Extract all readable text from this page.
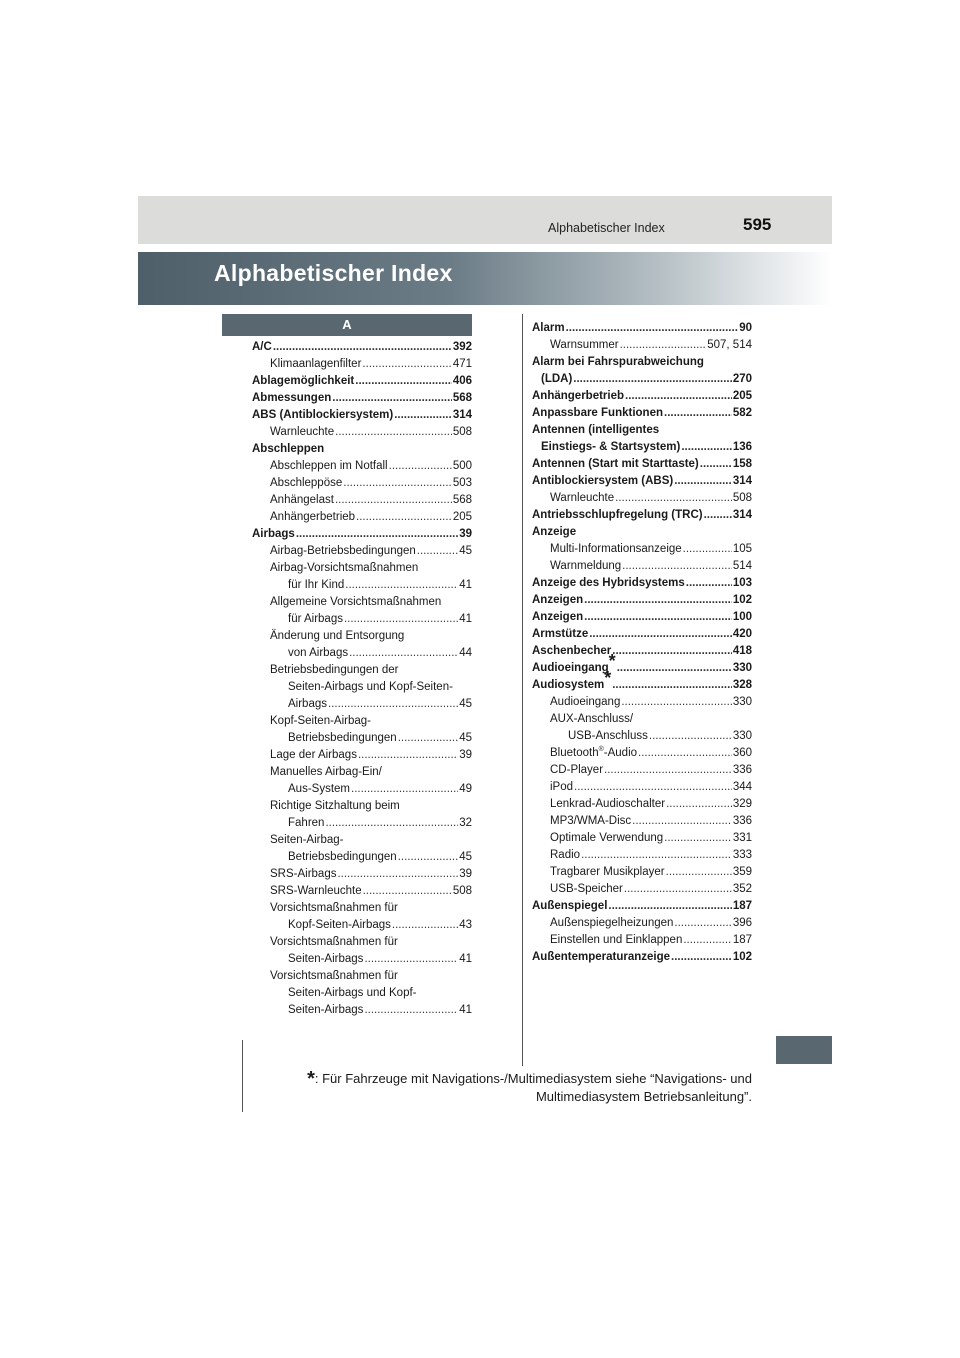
Alphabetischer Index	595
Alphabetischer Index
A
A/C . . .	392
Klimaanlagenfilter . . .	471
Ablagemöglichkeit . . .	406
Abmessungen . . .	568
ABS (Antiblockiersystem) . . .	314
Warnleuchte . . .	508
Abschleppen
Abschleppen im Notfall . . .	500
Abschleppöse . . .	503
Anhängelast . . .	568
Anhängerbetrieb . . .	205
Airbags . . .	39
Airbag-Betriebsbedingungen . . .	45
Airbag-Vorsichtsmaßnahmen
für Ihr Kind . . .	41
Allgemeine Vorsichtsmaßnahmen
für Airbags . . .	41
Änderung und Entsorgung
von Airbags . . .	44
Betriebsbedingungen der
Seiten-Airbags und Kopf-Seiten-
Airbags . . .	45
Kopf-Seiten-Airbag-
Betriebsbedingungen . . .	45
Lage der Airbags . . .	39
Manuelles Airbag-Ein/
Aus-System . . .	49
Richtige Sitzhaltung beim
Fahren . . .	32
Seiten-Airbag-
Betriebsbedingungen . . .	45
SRS-Airbags . . .	39
SRS-Warnleuchte . . .	508
Vorsichtsmaßnahmen für
Kopf-Seiten-Airbags . . .	43
Vorsichtsmaßnahmen für
Seiten-Airbags . . .	41
Vorsichtsmaßnahmen für
Seiten-Airbags und Kopf-
Seiten-Airbags . . .	41
Alarm . . .	90
Warnsummer . . .	507, 514
Alarm bei Fahrspurabweichung
(LDA) . . .	270
Anhängerbetrieb . . .	205
Anpassbare Funktionen . . .	582
Antennen (intelligentes
Einstiegs- & Startsystem) . . .	136
Antennen (Start mit Starttaste) . . .	158
Antiblockiersystem (ABS) . . .	314
Warnleuchte . . .	508
Antriebsschlupfregelung (TRC) . . .	314
Anzeige
Multi-Informationsanzeige . . .	105
Warnmeldung . . .	514
Anzeige des Hybridsystems . . .	103
Anzeigen . . .	102
Anzeigen . . .	100
Armstütze . . .	420
Aschenbecher . . .	418
Audioeingang * . . .	330
Audiosystem * . . .	328
Audioeingang . . .	330
AUX-Anschluss/
USB-Anschluss . . .	330
Bluetooth®-Audio . . .	360
CD-Player . . .	336
iPod . . .	344
Lenkrad-Audioschalter . . .	329
MP3/WMA-Disc . . .	336
Optimale Verwendung . . .	331
Radio . . .	333
Tragbarer Musikplayer . . .	359
USB-Speicher . . .	352
Außenspiegel . . .	187
Außenspiegelheizungen . . .	396
Einstellen und Einklappen . . .	187
Außentemperaturanzeige . . .	102
*: Für Fahrzeuge mit Navigations-/Multimediasystem siehe “Navigations- und
Multimediasystem Betriebsanleitung”.
